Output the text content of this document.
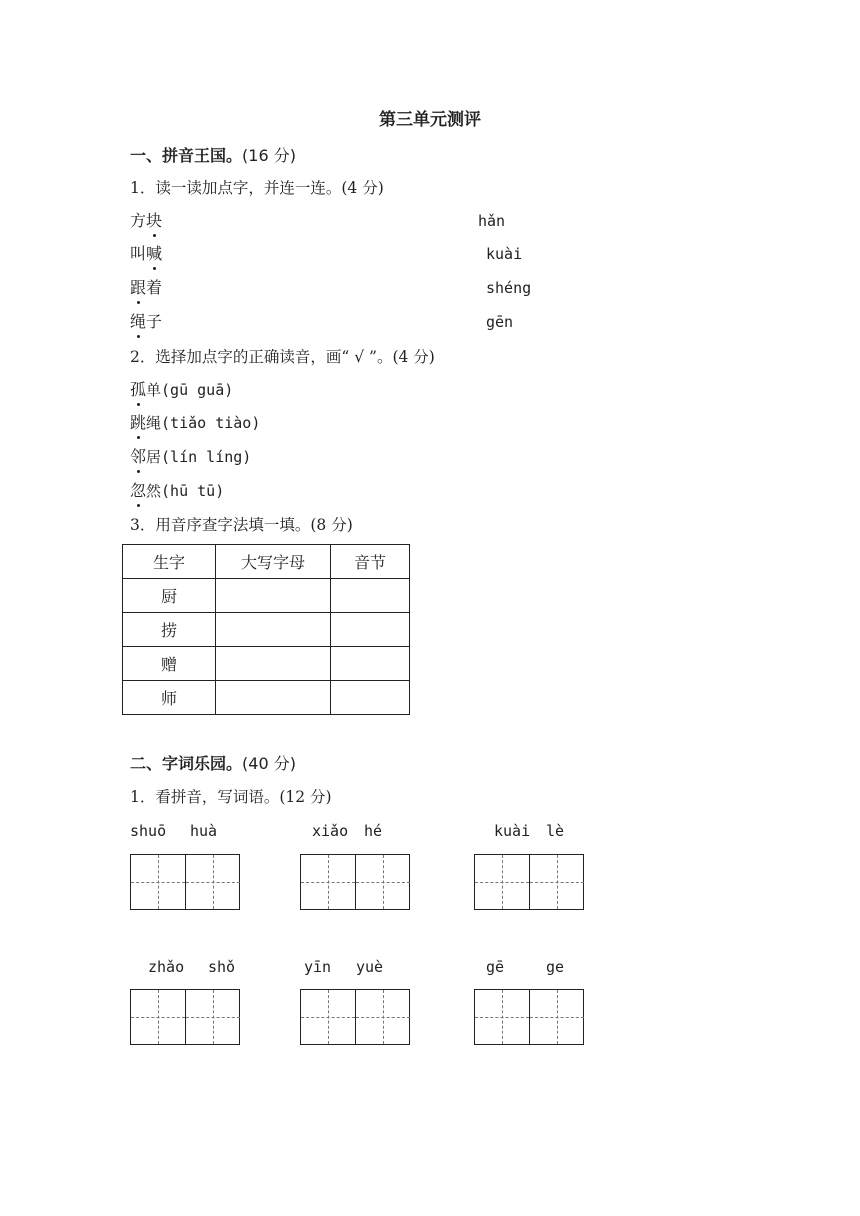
第三单元测评
一、拼音王国。(16 分)
1．读一读加点字，并连一连。(4 分)
方块
叫喊
跟着
绳子
hǎn
kuài
shéng
gēn
2．选择加点字的正确读音，画“ √ ”。(4 分)
孤单(gū guā)
跳绳(tiǎo tiào)
邻居(lín líng)
忽然(hū tū)
3．用音序查字法填一填。(8 分)
生字	大写字母	音节
厨		
捞		
赠		
师		
二、字词乐园。(40 分)
1．看拼音，写词语。(12 分)
shuō huà	xiǎo hé	kuài lè
zhǎo shǒ	yīn yuè	gē	ge
